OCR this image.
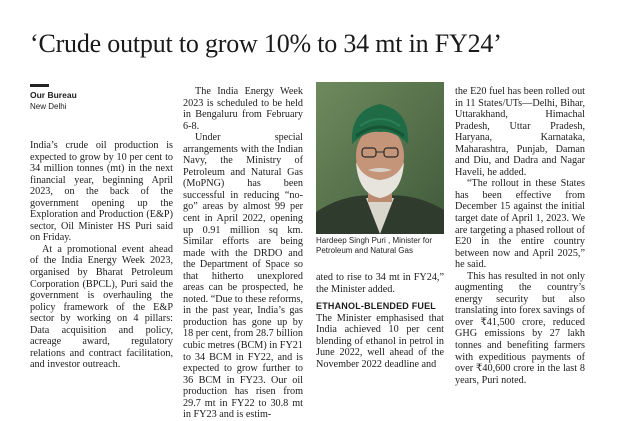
‘Crude output to grow 10% to 34 mt in FY24’
Our Bureau
New Delhi

India’s crude oil production is expected to grow by 10 per cent to 34 million tonnes (mt) in the next financial year, beginning April 2023, on the back of the government opening up the Exploration and Production (E&P) sector, Oil Minister HS Puri said on Friday.

At a promotional event ahead of the India Energy Week 2023, organised by Bharat Petroleum Corporation (BPCL), Puri said the government is overhauling the policy framework of the E&P sector by working on 4 pillars: Data acquisition and policy, acreage award, regulatory relations and contract facilitation, and investor outreach.

The India Energy Week 2023 is scheduled to be held in Bengaluru from February 6-8.

Under special arrangements with the Indian Navy, the Ministry of Petroleum and Natural Gas (MoPNG) has been successful in reducing “no-go” areas by almost 99 per cent in April 2022, opening up 0.91 million sq km. Similar efforts are being made with the DRDO and the Department of Space so that hitherto unexplored areas can be prospected, he noted. “Due to these reforms, in the past year, India’s gas production has gone up by 18 per cent, from 28.7 billion cubic metres (BCM) in FY21 to 34 BCM in FY22, and is expected to grow further to 36 BCM in FY23. Our oil production has risen from 29.7 mt in FY22 to 30.8 mt in FY23 and is estim-

Hardeep Singh Puri , Minister for Petroleum and Natural Gas

ated to rise to 34 mt in FY24,” the Minister added.

ETHANOL-BLENDED FUEL

The Minister emphasised that India achieved 10 per cent blending of ethanol in petrol in June 2022, well ahead of the November 2022 deadline and

the E20 fuel has been rolled out in 11 States/UTs—Delhi, Bihar, Uttarakhand, Himachal Pradesh, Uttar Pradesh, Haryana, Karnataka, Maharashtra, Punjab, Daman and Diu, and Dadra and Nagar Haveli, he added.

“The rollout in these States has been effective from December 15 against the initial target date of April 1, 2023. We are targeting a phased rollout of E20 in the entire country between now and April 2025,” he said.

This has resulted in not only augmenting the country’s energy security but also translating into forex savings of over ₹41,500 crore, reduced GHG emissions by 27 lakh tonnes and benefiting farmers with expeditious payments of over ₹40,600 crore in the last 8 years, Puri noted.
